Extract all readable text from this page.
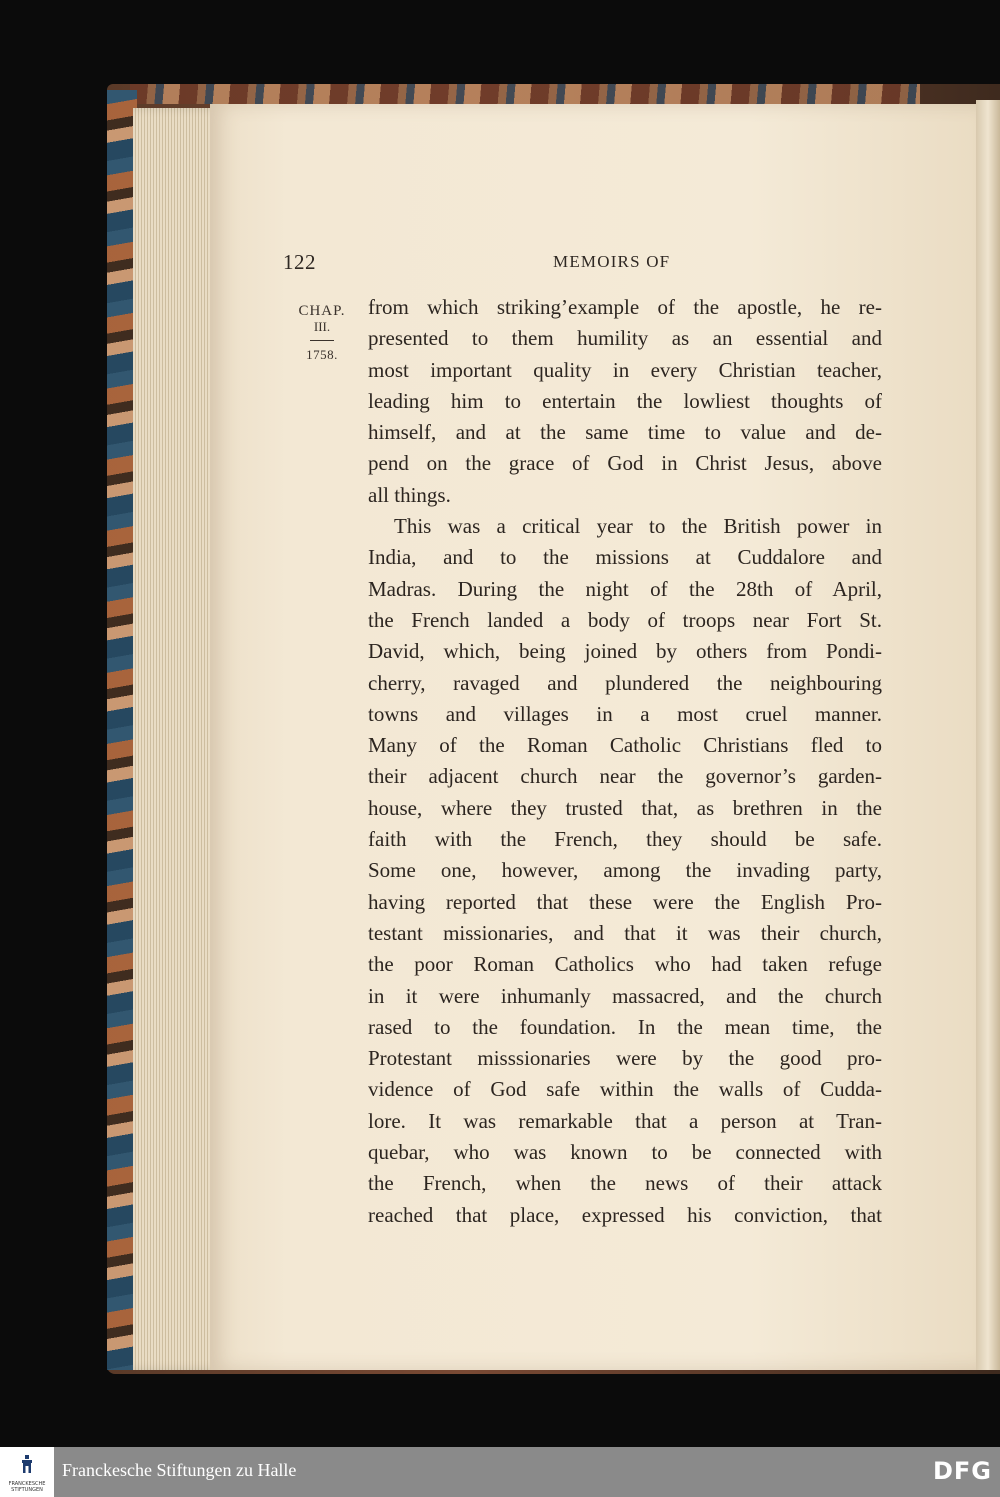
122	MEMOIRS OF
CHAP.
III.
1758.
from which strikingʼexample of the apostle, he re-
presented to them humility as an essential and
most important quality in every Christian teacher,
leading him to entertain the lowliest thoughts of
himself, and at the same time to value and de-
pend on the grace of God in Christ Jesus, above
all things.
This was a critical year to the British power in
India, and to the missions at Cuddalore and
Madras. During the night of the 28th of April,
the French landed a body of troops near Fort St.
David, which, being joined by others from Pondi-
cherry, ravaged and plundered the neighbouring
towns and villages in a most cruel manner.
Many of the Roman Catholic Christians fled to
their adjacent church near the governor’s garden-
house, where they trusted that, as brethren in the
faith with the French, they should be safe.
Some one, however, among the invading party,
having reported that these were the English Pro-
testant missionaries, and that it was their church,
the poor Roman Catholics who had taken refuge
in it were inhumanly massacred, and the church
rased to the foundation. In the mean time, the
Protestant misssionaries were by the good pro-
vidence of God safe within the walls of Cudda-
lore. It was remarkable that a person at Tran-
quebar, who was known to be connected with
the French, when the news of their attack
reached that place, expressed his conviction, that
FRANCKESCHE
STIFTUNGEN
Franckesche Stiftungen zu Halle	DFG
